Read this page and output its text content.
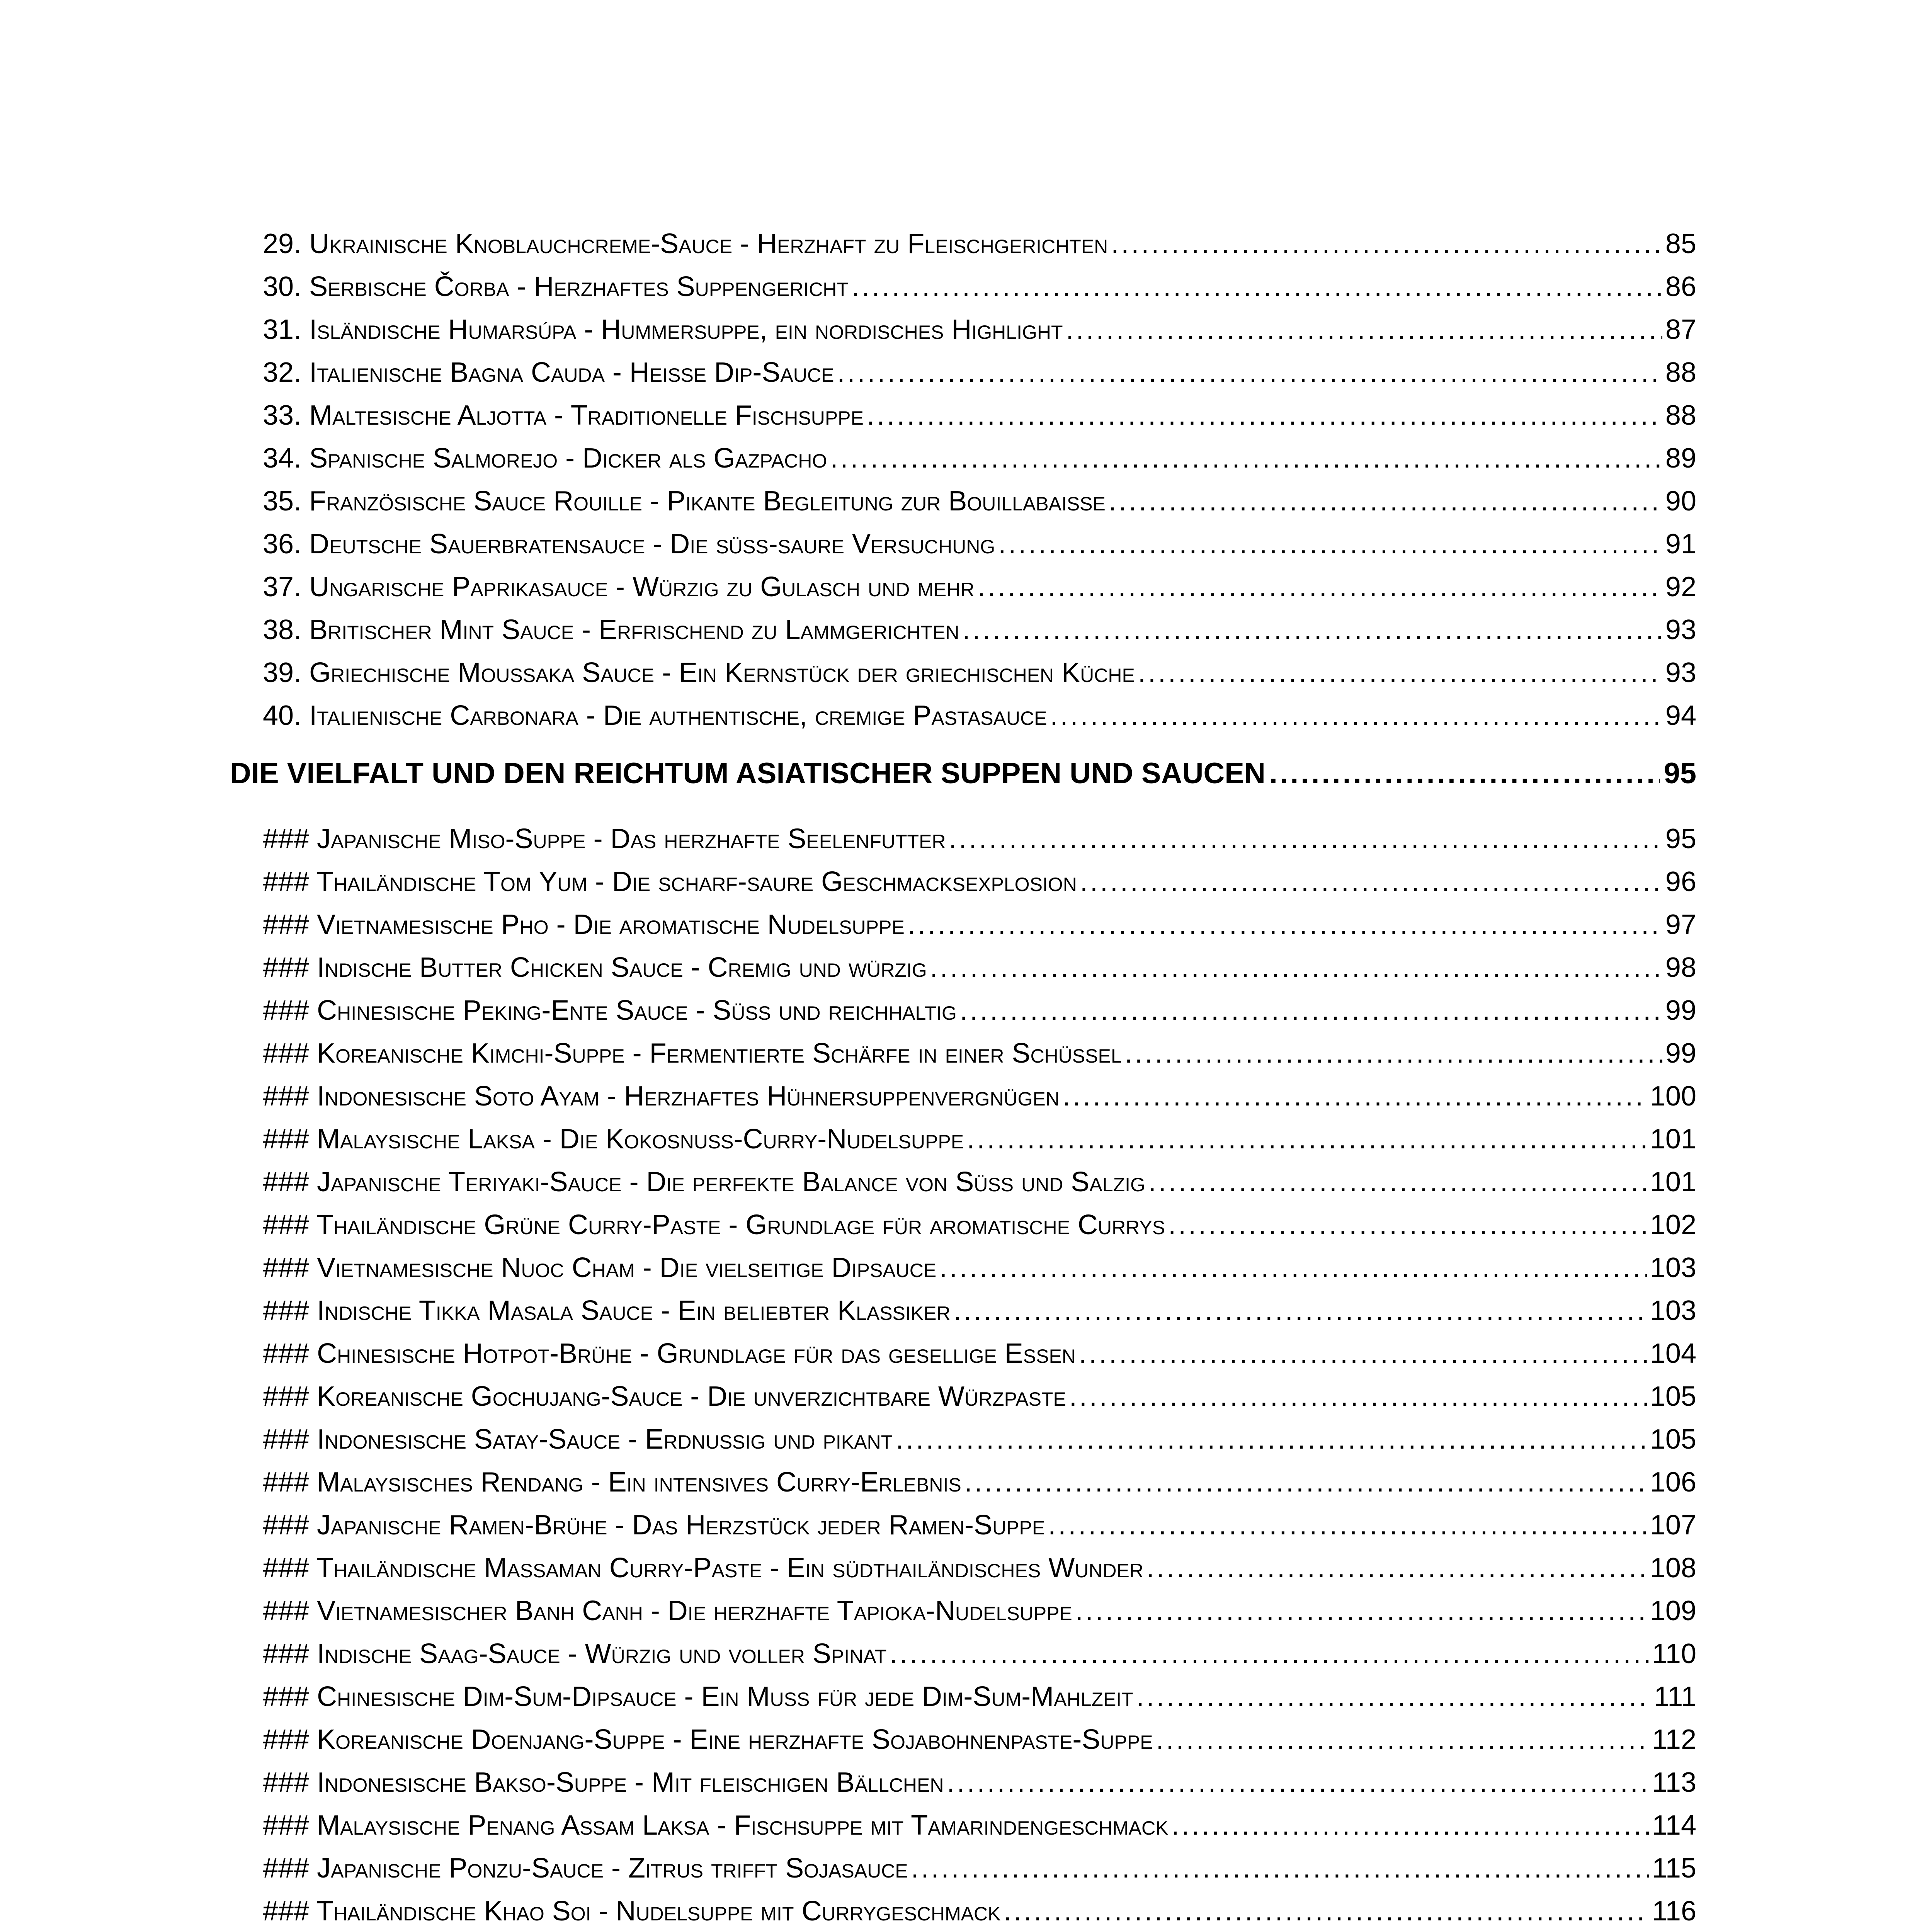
29. Ukrainische Knoblauchcreme-Sauce - Herzhaft zu Fleischgerichten .....	85
30. Serbische Čorba - Herzhaftes Suppengericht .....	86
31. Isländische Humarsúpa - Hummersuppe, ein nordisches Highlight .....	87
32. Italienische Bagna Cauda - Heiße Dip-Sauce .....	88
33. Maltesische Aljotta - Traditionelle Fischsuppe .....	88
34. Spanische Salmorejo - Dicker als Gazpacho .....	89
35. Französische Sauce Rouille - Pikante Begleitung zur Bouillabaisse .....	90
36. Deutsche Sauerbratensauce - Die süß-saure Versuchung .....	91
37. Ungarische Paprikasauce - Würzig zu Gulasch und mehr .....	92
38. Britischer Mint Sauce - Erfrischend zu Lammgerichten .....	93
39. Griechische Moussaka Sauce - Ein Kernstück der griechischen Küche .....	93
40. Italienische Carbonara - Die authentische, cremige Pastasauce .....	94
DIE VIELFALT UND DEN REICHTUM ASIATISCHER SUPPEN UND SAUCEN .....	95
### Japanische Miso-Suppe - Das herzhafte Seelenfutter .....	95
### Thailändische Tom Yum - Die scharf-saure Geschmacksexplosion .....	96
### Vietnamesische Pho - Die aromatische Nudelsuppe .....	97
### Indische Butter Chicken Sauce - Cremig und würzig .....	98
### Chinesische Peking-Ente Sauce - Süß und reichhaltig .....	99
### Koreanische Kimchi-Suppe - Fermentierte Schärfe in einer Schüssel .....	99
### Indonesische Soto Ayam - Herzhaftes Hühnersuppenvergnügen .....	100
### Malaysische Laksa - Die Kokosnuss-Curry-Nudelsuppe .....	101
### Japanische Teriyaki-Sauce - Die perfekte Balance von Süß und Salzig .....	101
### Thailändische Grüne Curry-Paste - Grundlage für aromatische Currys .....	102
### Vietnamesische Nuoc Cham - Die vielseitige Dipsauce .....	103
### Indische Tikka Masala Sauce - Ein beliebter Klassiker .....	103
### Chinesische Hotpot-Brühe - Grundlage für das gesellige Essen .....	104
### Koreanische Gochujang-Sauce - Die unverzichtbare Würzpaste .....	105
### Indonesische Satay-Sauce - Erdnussig und pikant .....	105
### Malaysisches Rendang - Ein intensives Curry-Erlebnis .....	106
### Japanische Ramen-Brühe - Das Herzstück jeder Ramen-Suppe .....	107
### Thailändische Massaman Curry-Paste - Ein südthailändisches Wunder .....	108
### Vietnamesischer Banh Canh - Die herzhafte Tapioka-Nudelsuppe .....	109
### Indische Saag-Sauce - Würzig und voller Spinat .....	110
### Chinesische Dim-Sum-Dipsauce - Ein Muss für jede Dim-Sum-Mahlzeit .....	111
### Koreanische Doenjang-Suppe - Eine herzhafte Sojabohnenpaste-Suppe .....	112
### Indonesische Bakso-Suppe - Mit fleischigen Bällchen .....	113
### Malaysische Penang Assam Laksa - Fischsuppe mit Tamarindengeschmack .....	114
### Japanische Ponzu-Sauce - Zitrus trifft Sojasauce .....	115
### Thailändische Khao Soi - Nudelsuppe mit Currygeschmack .....	116
